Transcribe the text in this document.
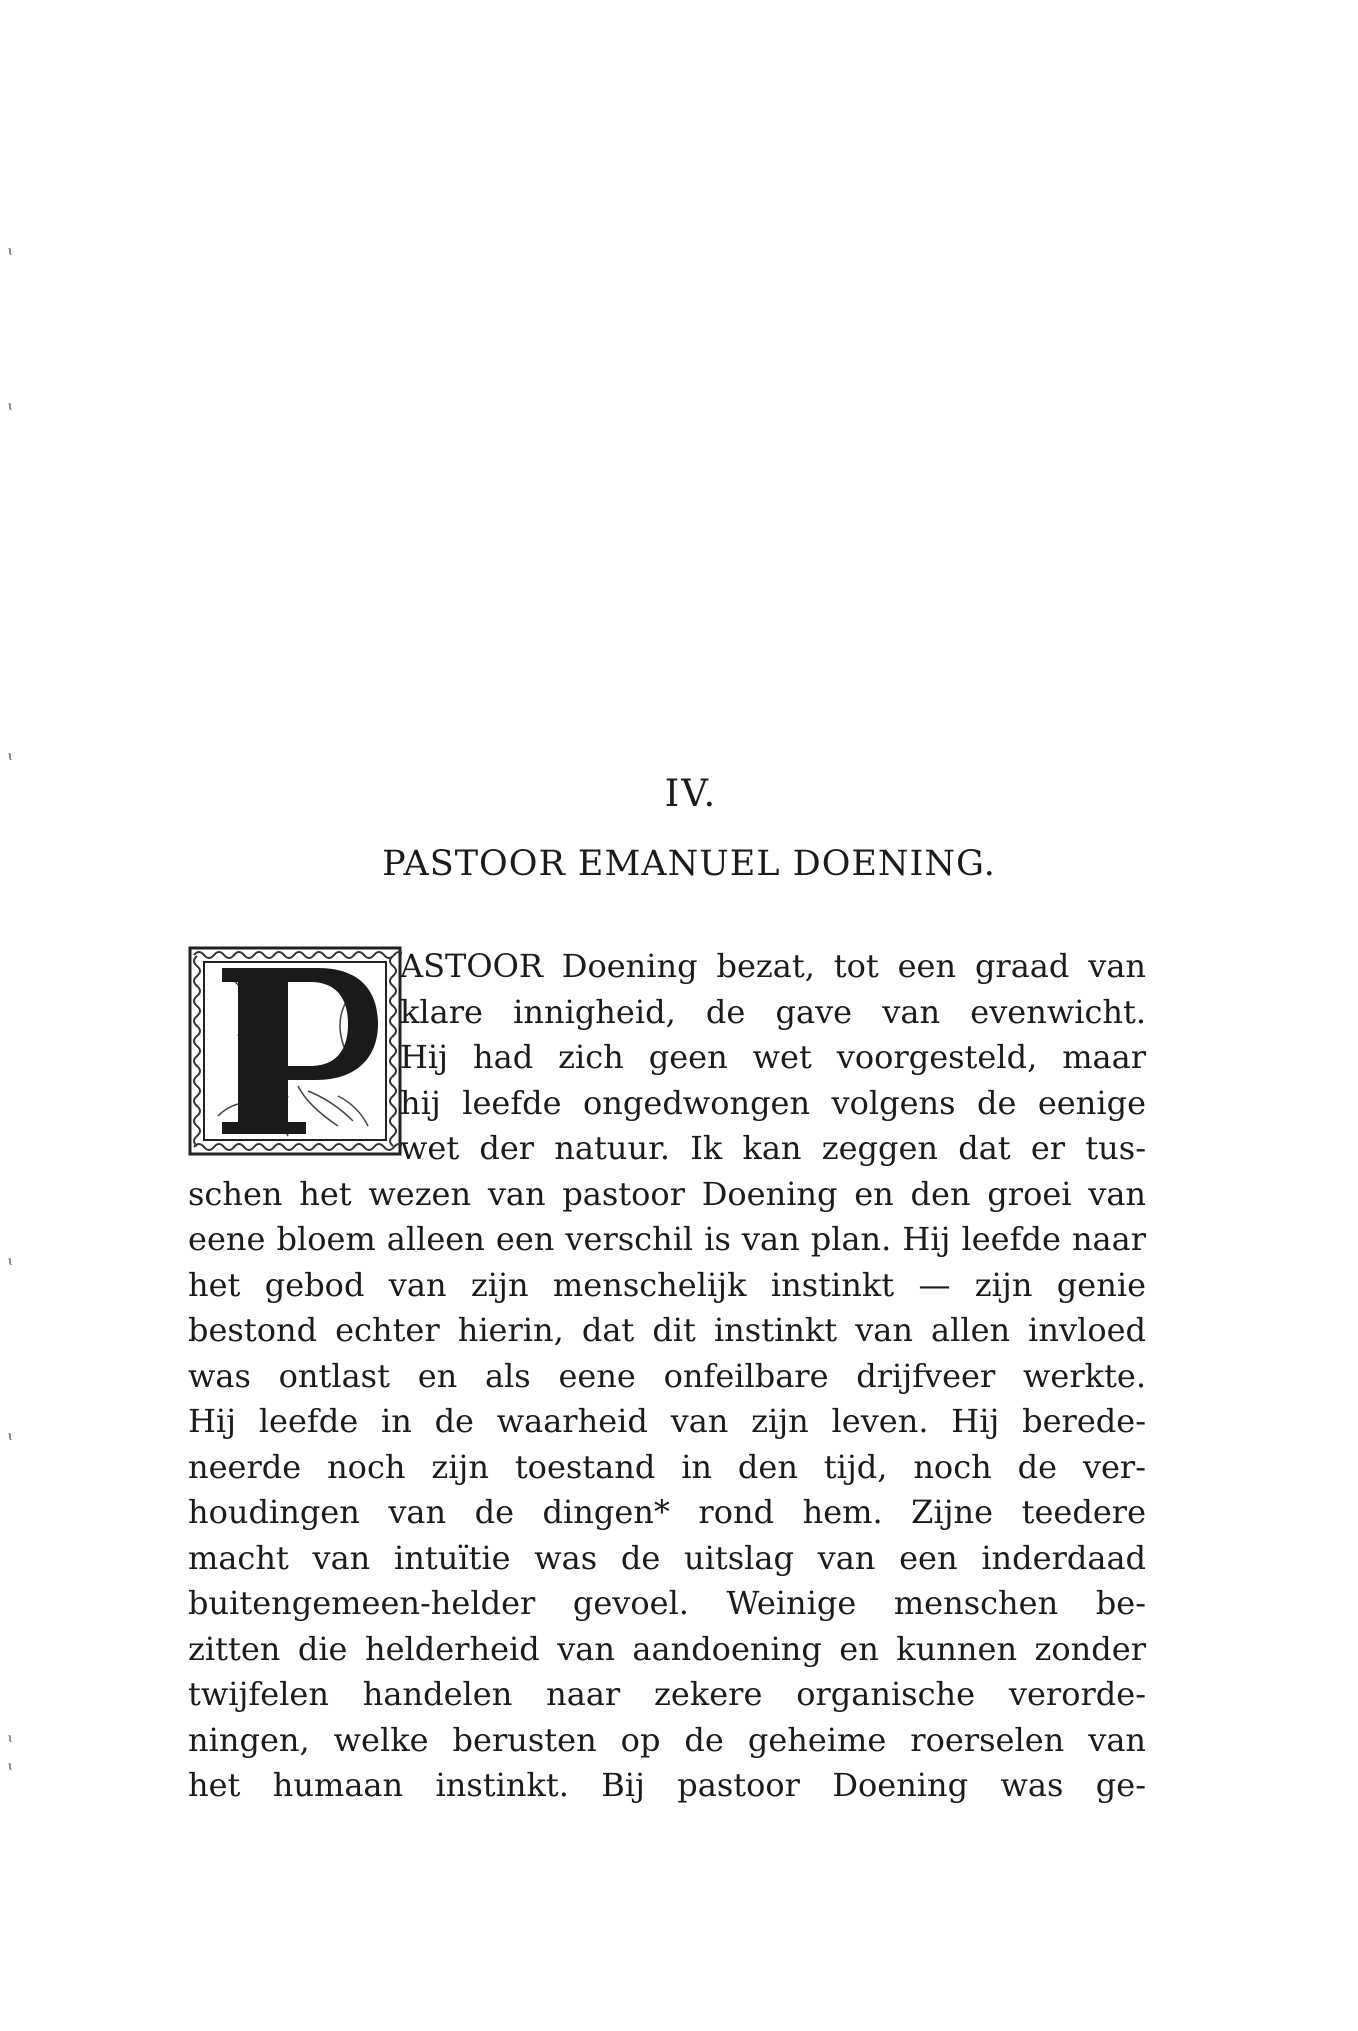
ɩ
ɩ
ɩ
ɩ
ɩ
ɩ
ɩ
IV.
PASTOOR EMANUEL DOENING.
P
ASTOOR Doening bezat, tot een graad van
klare innigheid, de gave van evenwicht.
Hij had zich geen wet voorgesteld, maar
hij leefde ongedwongen volgens de eenige
wet der natuur. Ik kan zeggen dat er tus-
schen het wezen van pastoor Doening en den groei van
eene bloem alleen een verschil is van plan. Hij leefde naar
het gebod van zijn menschelijk instinkt — zijn genie
bestond echter hierin, dat dit instinkt van allen invloed
was ontlast en als eene onfeilbare drijfveer werkte.
Hij leefde in de waarheid van zijn leven. Hij berede-
neerde noch zijn toestand in den tijd, noch de ver-
houdingen van de dingen* rond hem. Zijne teedere
macht van intuïtie was de uitslag van een inderdaad
buitengemeen-helder gevoel. Weinige menschen be-
zitten die helderheid van aandoening en kunnen zonder
twijfelen handelen naar zekere organische verorde-
ningen, welke berusten op de geheime roerselen van
het humaan instinkt. Bij pastoor Doening was ge-
